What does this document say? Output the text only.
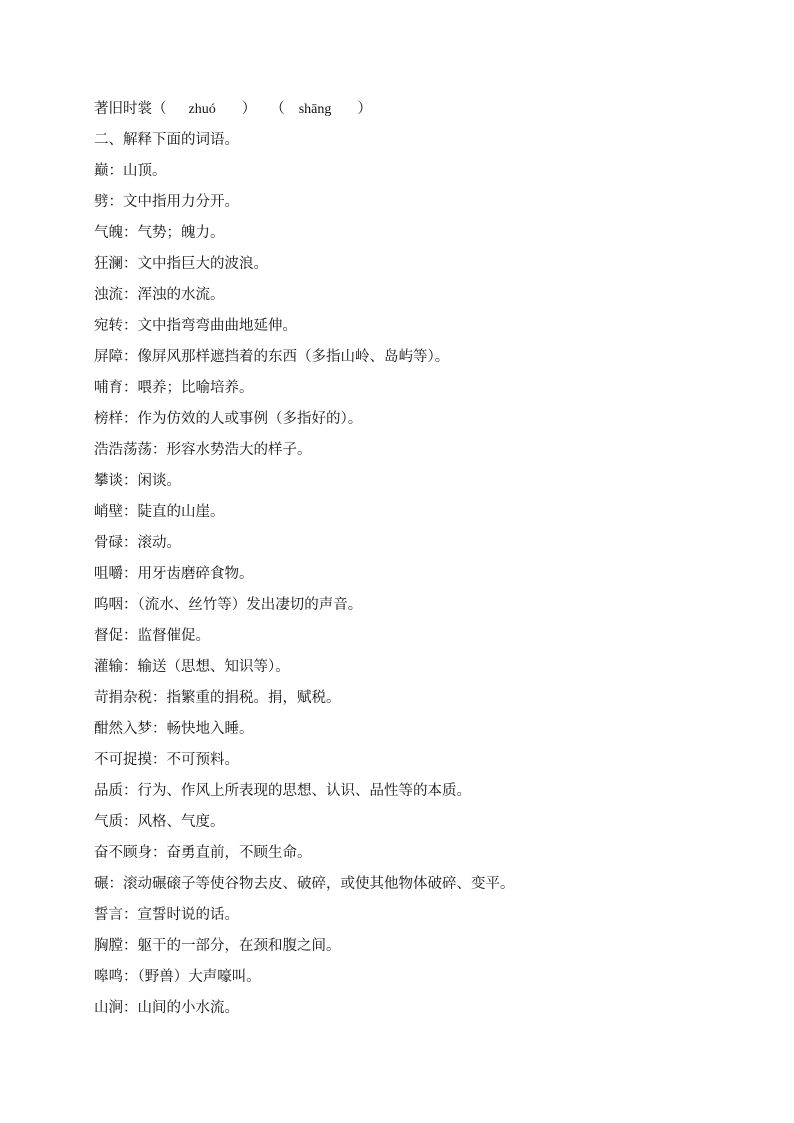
著旧时裳（ zhuó ） （ shāng ）
二、解释下面的词语。
巅：山顶。
劈：文中指用力分开。
气魄：气势；魄力。
狂澜：文中指巨大的波浪。
浊流：浑浊的水流。
宛转：文中指弯弯曲曲地延伸。
屏障：像屏风那样遮挡着的东西（多指山岭、岛屿等）。
哺育：喂养；比喻培养。
榜样：作为仿效的人或事例（多指好的）。
浩浩荡荡：形容水势浩大的样子。
攀谈：闲谈。
峭壁：陡直的山崖。
骨碌：滚动。
咀嚼：用牙齿磨碎食物。
呜咽：（流水、丝竹等）发出凄切的声音。
督促：监督催促。
灌输：输送（思想、知识等）。
苛捐杂税：指繁重的捐税。捐，赋税。
酣然入梦：畅快地入睡。
不可捉摸：不可预料。
品质：行为、作风上所表现的思想、认识、品性等的本质。
气质：风格、气度。
奋不顾身：奋勇直前，不顾生命。
碾：滚动碾磙子等使谷物去皮、破碎，或使其他物体破碎、变平。
誓言：宣誓时说的话。
胸膛：躯干的一部分，在颈和腹之间。
嗥鸣：（野兽）大声嚎叫。
山涧：山间的小水流。
